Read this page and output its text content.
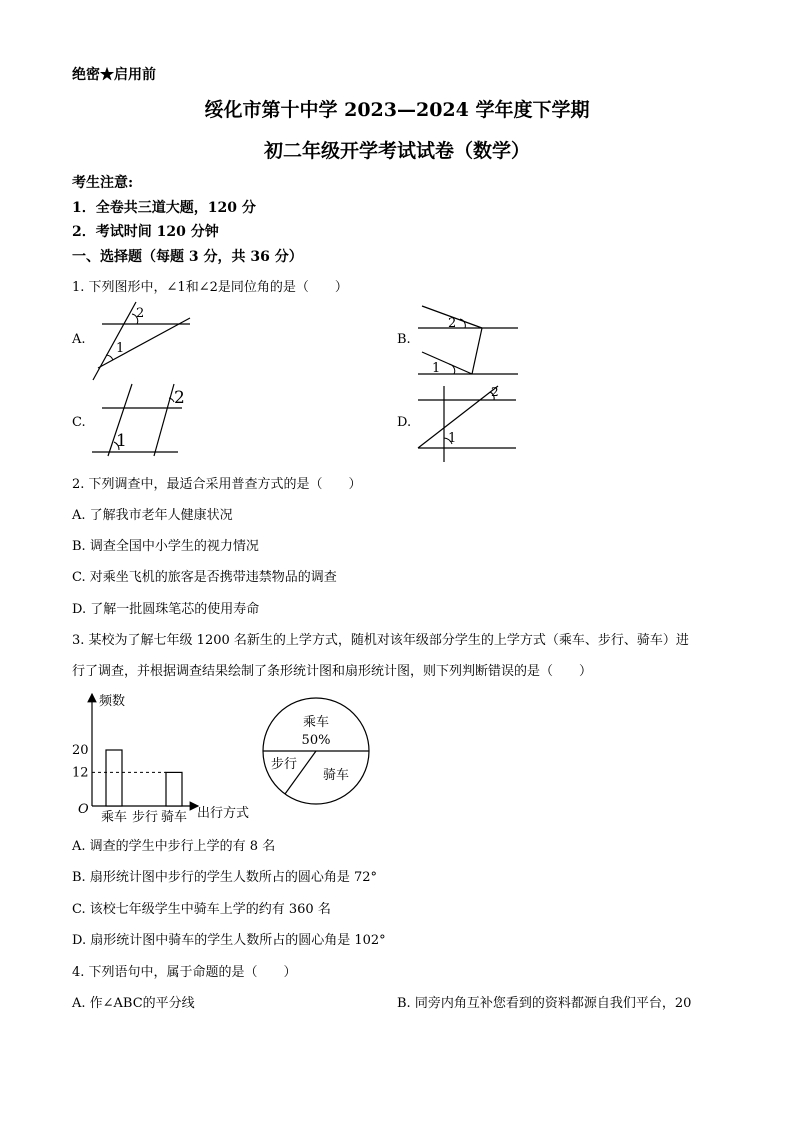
绝密★启用前
绥化市第十中学 2023—2024 学年度下学期
初二年级开学考试试卷（数学）
考生注意:
1．全卷共三道大题，120 分
2．考试时间 120 分钟
一、选择题（每题 3 分，共 36 分）
1. 下列图形中，∠1和∠2是同位角的是（　　）
A.
2
1
B.
2
1
C.
2
1
D.
2
1
2. 下列调查中，最适合采用普查方式的是（　　）
A. 了解我市老年人健康状况
B. 调查全国中小学生的视力情况
C. 对乘坐飞机的旅客是否携带违禁物品的调查
D. 了解一批圆珠笔芯的使用寿命
3. 某校为了解七年级 1200 名新生的上学方式，随机对该年级部分学生的上学方式（乘车、步行、骑车）进
行了调查，并根据调查结果绘制了条形统计图和扇形统计图，则下列判断错误的是（　　）
频数
出行方式
O
12
20
乘车 步行 骑车
乘车
50%
步行
骑车
A. 调查的学生中步行上学的有 8 名
B. 扇形统计图中步行的学生人数所占的圆心角是 72°
C. 该校七年级学生中骑车上学的约有 360 名
D. 扇形统计图中骑车的学生人数所占的圆心角是 102°
4. 下列语句中，属于命题的是（　　）
A. 作∠ABC的平分线	B. 同旁内角互补您看到的资料都源自我们平台，20
